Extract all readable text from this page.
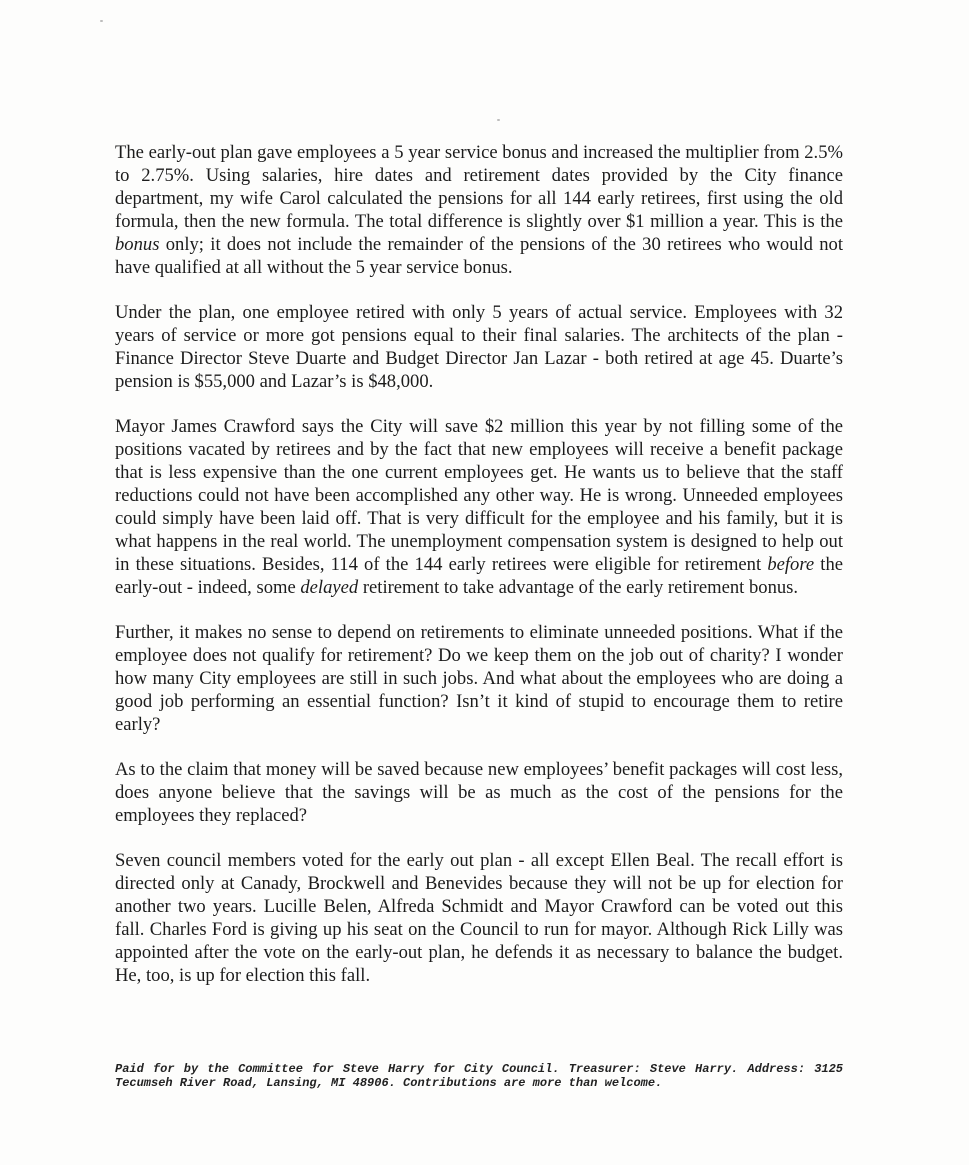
The early-out plan gave employees a 5 year service bonus and increased the multiplier from 2.5% to 2.75%. Using salaries, hire dates and retirement dates provided by the City finance department, my wife Carol calculated the pensions for all 144 early retirees, first using the old formula, then the new formula. The total difference is slightly over $1 million a year. This is the bonus only; it does not include the remainder of the pensions of the 30 retirees who would not have qualified at all without the 5 year service bonus.

Under the plan, one employee retired with only 5 years of actual service. Employees with 32 years of service or more got pensions equal to their final salaries. The architects of the plan - Finance Director Steve Duarte and Budget Director Jan Lazar - both retired at age 45. Duarte’s pension is $55,000 and Lazar’s is $48,000.

Mayor James Crawford says the City will save $2 million this year by not filling some of the positions vacated by retirees and by the fact that new employees will receive a benefit package that is less expensive than the one current employees get. He wants us to believe that the staff reductions could not have been accomplished any other way. He is wrong. Unneeded employees could simply have been laid off. That is very difficult for the employee and his family, but it is what happens in the real world. The unemployment compensation system is designed to help out in these situations. Besides, 114 of the 144 early retirees were eligible for retirement before the early-out - indeed, some delayed retirement to take advantage of the early retirement bonus.

Further, it makes no sense to depend on retirements to eliminate unneeded positions. What if the employee does not qualify for retirement? Do we keep them on the job out of charity? I wonder how many City employees are still in such jobs. And what about the employees who are doing a good job performing an essential function? Isn’t it kind of stupid to encourage them to retire early?

As to the claim that money will be saved because new employees’ benefit packages will cost less, does anyone believe that the savings will be as much as the cost of the pensions for the employees they replaced?

Seven council members voted for the early out plan - all except Ellen Beal. The recall effort is directed only at Canady, Brockwell and Benevides because they will not be up for election for another two years. Lucille Belen, Alfreda Schmidt and Mayor Crawford can be voted out this fall. Charles Ford is giving up his seat on the Council to run for mayor. Although Rick Lilly was appointed after the vote on the early-out plan, he defends it as necessary to balance the budget. He, too, is up for election this fall.

Paid for by the Committee for Steve Harry for City Council. Treasurer: Steve Harry. Address: 3125 Tecumseh River Road, Lansing, MI 48906. Contributions are more than welcome.
